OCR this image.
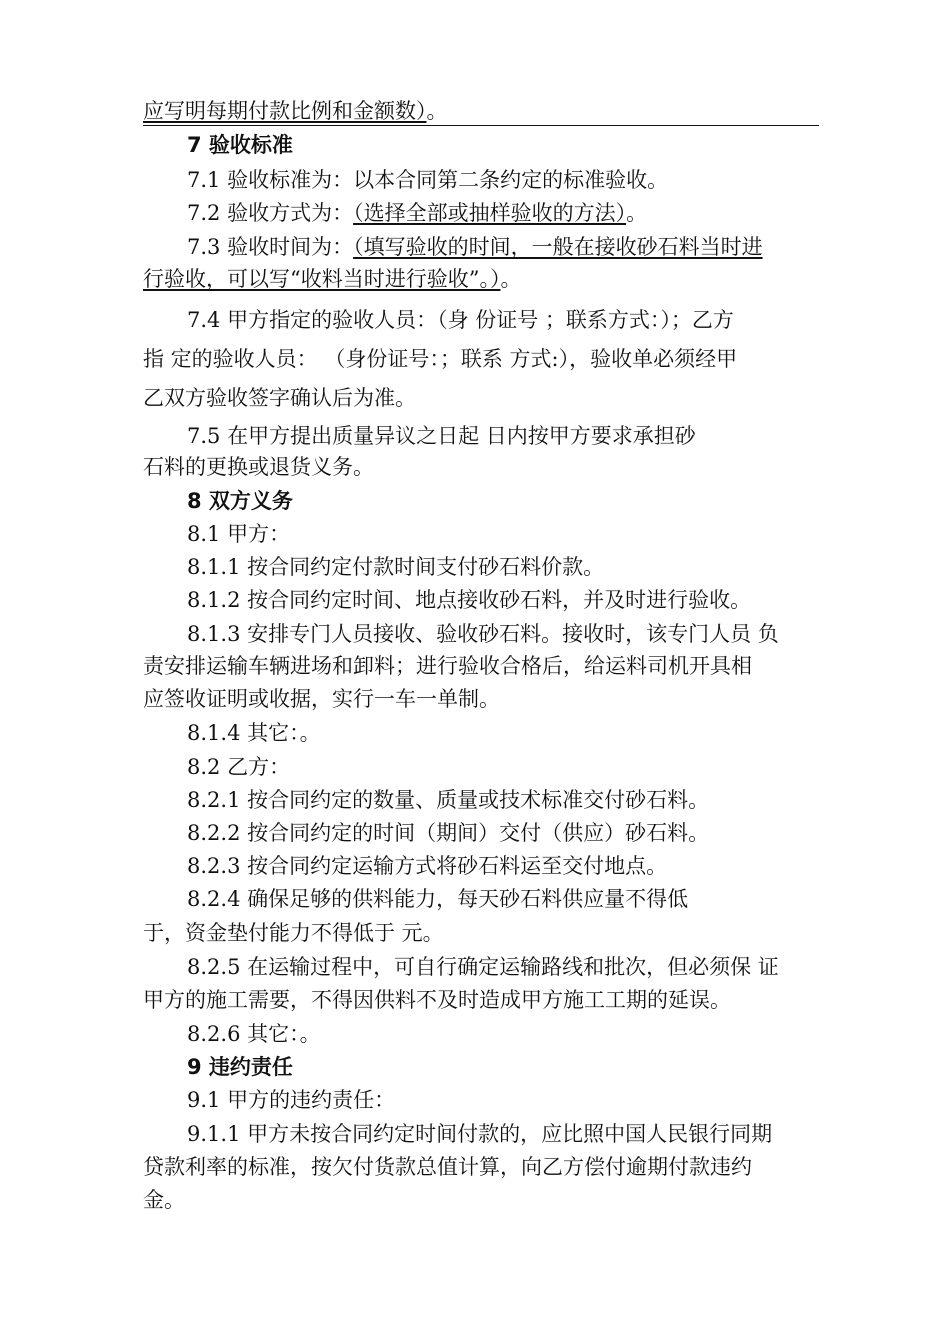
应写明每期付款比例和金额数）。
7 验收标准
7.1 验收标准为：以本合同第二条约定的标准验收。
7.2 验收方式为：（选择全部或抽样验收的方法）。
7.3 验收时间为：（填写验收的时间，一般在接收砂石料当时进
行验收，可以写“收料当时进行验收”。）。
7.4 甲方指定的验收人员：（身 份证号 ；联系方式：）；乙方
指 定的验收人员： （身份证号：；联系 方式:），验收单必须经甲
乙双方验收签字确认后为准。
7.5 在甲方提出质量异议之日起 日内按甲方要求承担砂
石料的更换或退货义务。
8 双方义务
8.1 甲方：
8.1.1 按合同约定付款时间支付砂石料价款。
8.1.2 按合同约定时间、地点接收砂石料，并及时进行验收。
8.1.3 安排专门人员接收、验收砂石料。接收时，该专门人员 负
责安排运输车辆进场和卸料；进行验收合格后，给运料司机开具相
应签收证明或收据，实行一车一单制。
8.1.4 其它：。
8.2 乙方：
8.2.1 按合同约定的数量、质量或技术标准交付砂石料。
8.2.2 按合同约定的时间（期间）交付（供应）砂石料。
8.2.3 按合同约定运输方式将砂石料运至交付地点。
8.2.4 确保足够的供料能力，每天砂石料供应量不得低
于，资金垫付能力不得低于 元。
8.2.5 在运输过程中，可自行确定运输路线和批次，但必须保 证
甲方的施工需要，不得因供料不及时造成甲方施工工期的延误。
8.2.6 其它：。
9 违约责任
9.1 甲方的违约责任：
9.1.1 甲方未按合同约定时间付款的，应比照中国人民银行同期
贷款利率的标准，按欠付货款总值计算，向乙方偿付逾期付款违约
金。
